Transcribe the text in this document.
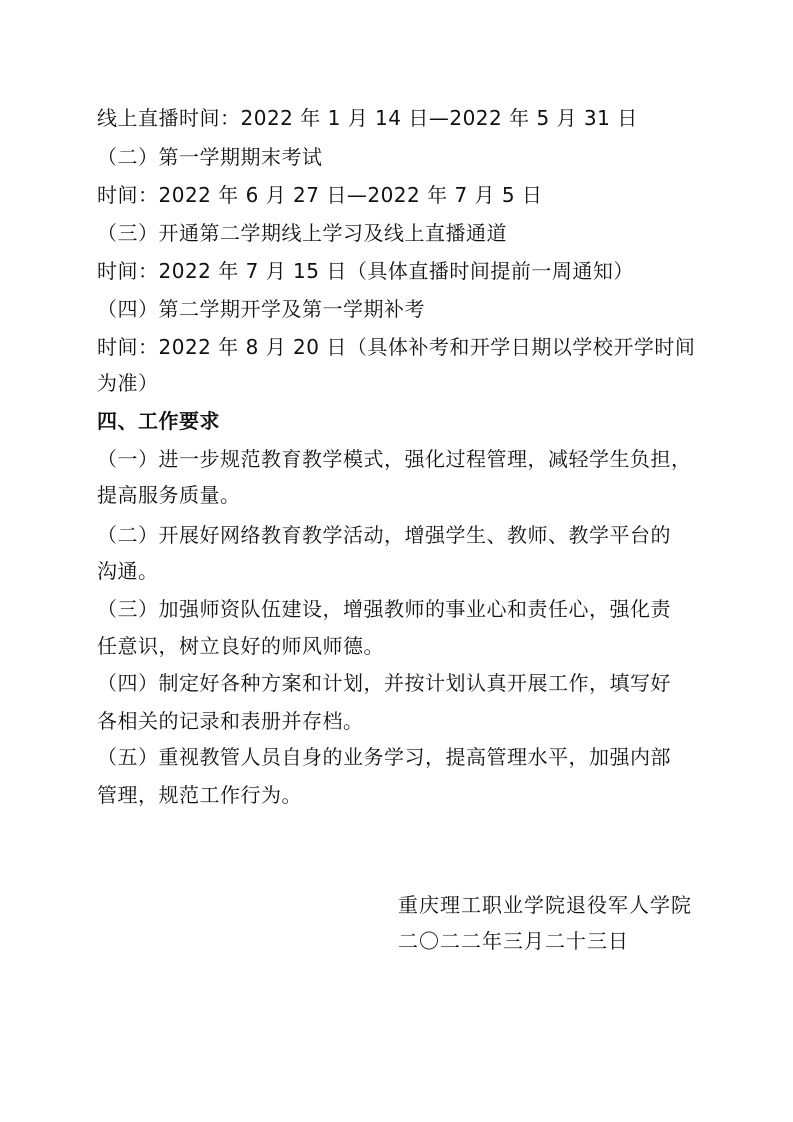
线上直播时间：2022 年 1 月 14 日—2022 年 5 月 31 日
（二）第一学期期末考试
时间：2022 年 6 月 27 日—2022 年 7 月 5 日
（三）开通第二学期线上学习及线上直播通道
时间：2022 年 7 月 15 日（具体直播时间提前一周通知）
（四）第二学期开学及第一学期补考
时间：2022 年 8 月 20 日（具体补考和开学日期以学校开学时间
为准）
四、工作要求
（一）进一步规范教育教学模式，强化过程管理，减轻学生负担，
提高服务质量。
（二）开展好网络教育教学活动，增强学生、教师、教学平台的
沟通。
（三）加强师资队伍建设，增强教师的事业心和责任心，强化责
任意识，树立良好的师风师德。
（四）制定好各种方案和计划，并按计划认真开展工作，填写好
各相关的记录和表册并存档。
（五）重视教管人员自身的业务学习，提高管理水平，加强内部
管理，规范工作行为。
重庆理工职业学院退役军人学院
二〇二二年三月二十三日
